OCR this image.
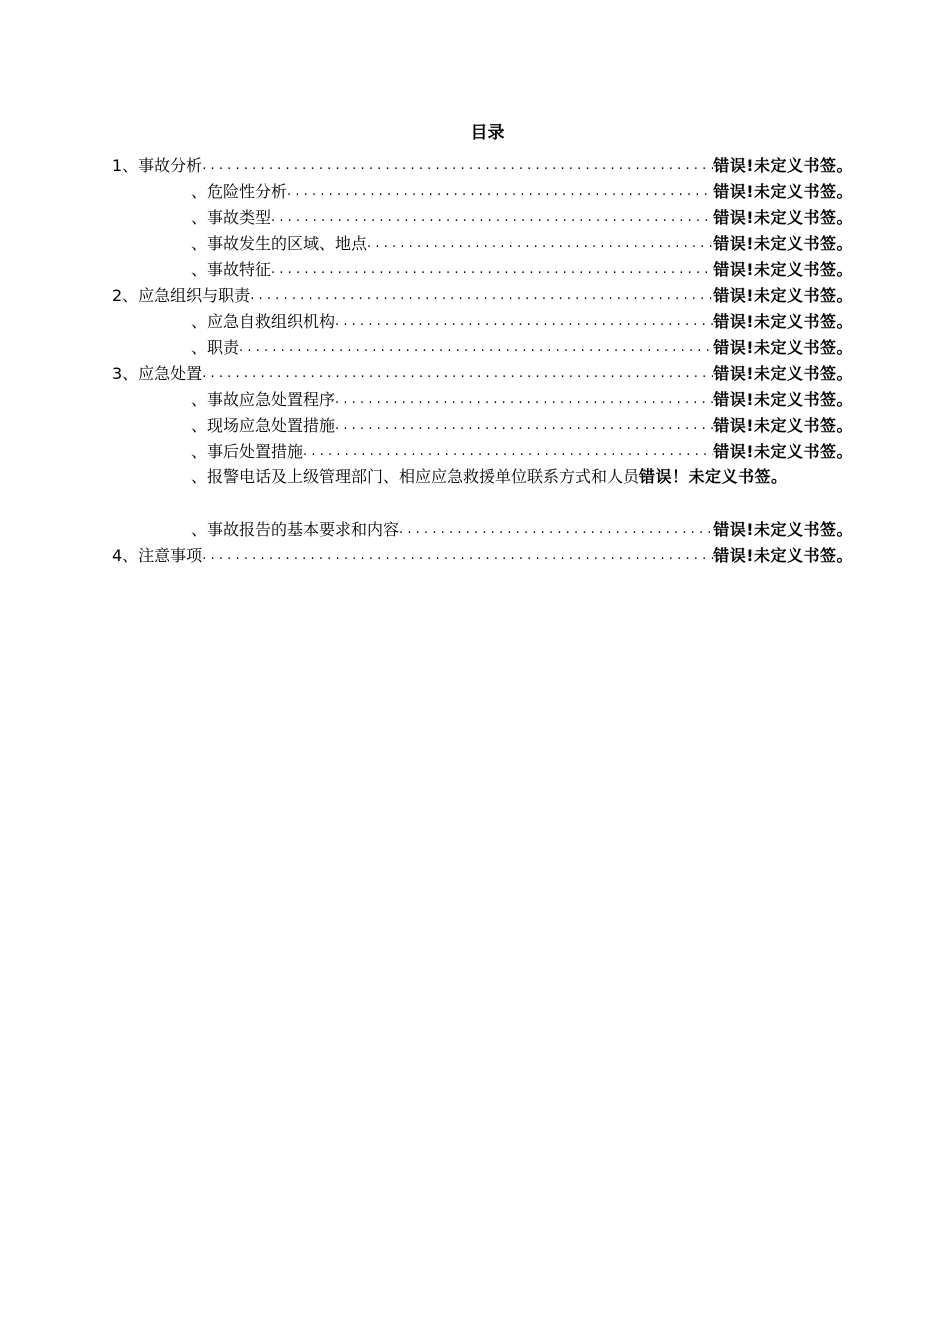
目录
1、事故分析 .....	错误!未定义书签。
、危险性分析 .....	错误!未定义书签。
、事故类型 .....	错误!未定义书签。
、事故发生的区域、地点 .....	错误!未定义书签。
、事故特征 .....	错误!未定义书签。
2、应急组织与职责 .....	错误!未定义书签。
、应急自救组织机构 .....	错误!未定义书签。
、职责 .....	错误!未定义书签。
3、应急处置 .....	错误!未定义书签。
、事故应急处置程序 .....	错误!未定义书签。
、现场应急处置措施 .....	错误!未定义书签。
、事后处置措施 .....	错误!未定义书签。
、报警电话及上级管理部门、相应应急救援单位联系方式和人员错误！未定义书签。
、事故报告的基本要求和内容 .....	错误!未定义书签。
4、注意事项 .....	错误!未定义书签。
